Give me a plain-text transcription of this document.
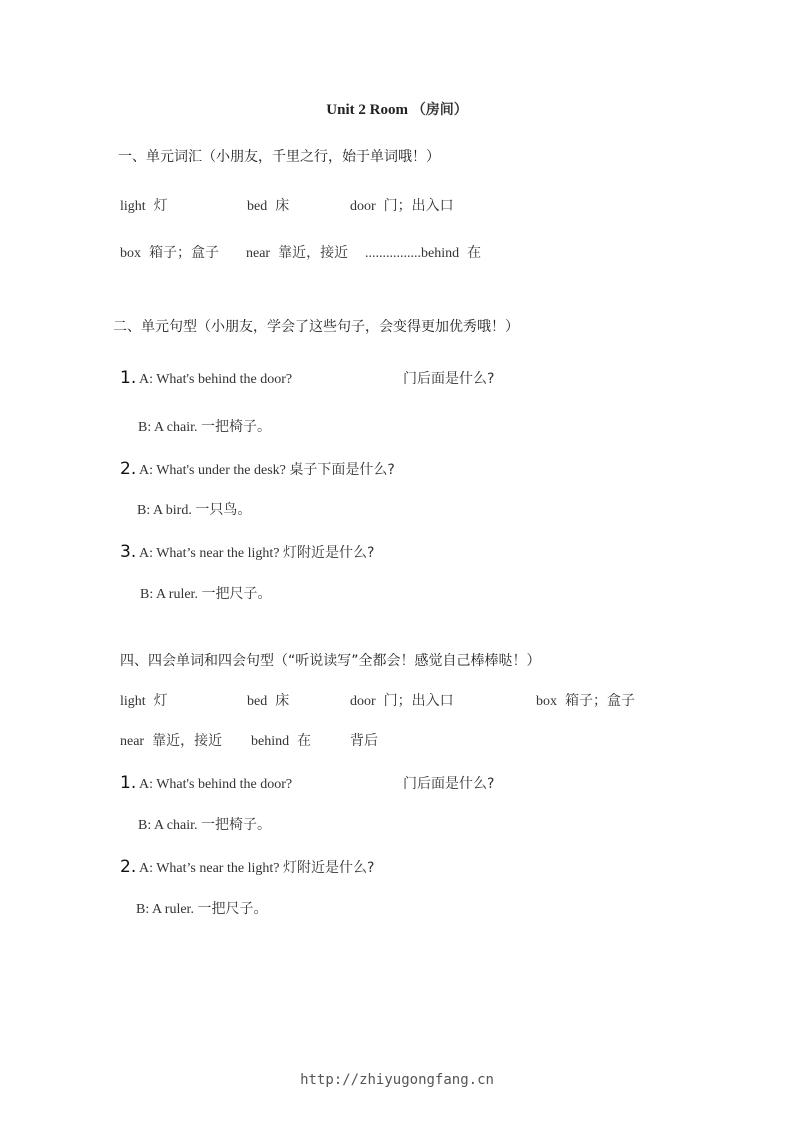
Unit 2 Room （房间）
一、单元词汇（小朋友，千里之行，始于单词哦！）
light 灯	bed 床	door 门；出入口
box 箱子；盒子 near 靠近，接近 ................behind 在
二、单元句型（小朋友，学会了这些句子，会变得更加优秀哦！）
1. A: What's behind the door?	门后面是什么?
B: A chair. 一把椅子。
2. A: What's under the desk? 桌子下面是什么?
B: A bird. 一只鸟。
3. A: What’s near the light? 灯附近是什么?
B: A ruler. 一把尺子。
四、四会单词和四会句型（“听说读写”全都会！感觉自己棒棒哒！）
light 灯	bed 床	door 门；出入口	box 箱子；盒子
near 靠近，接近 behind 在	背后
1. A: What's behind the door?	门后面是什么?
B: A chair. 一把椅子。
2. A: What’s near the light? 灯附近是什么?
B: A ruler. 一把尺子。
http://zhiyugongfang.cn
